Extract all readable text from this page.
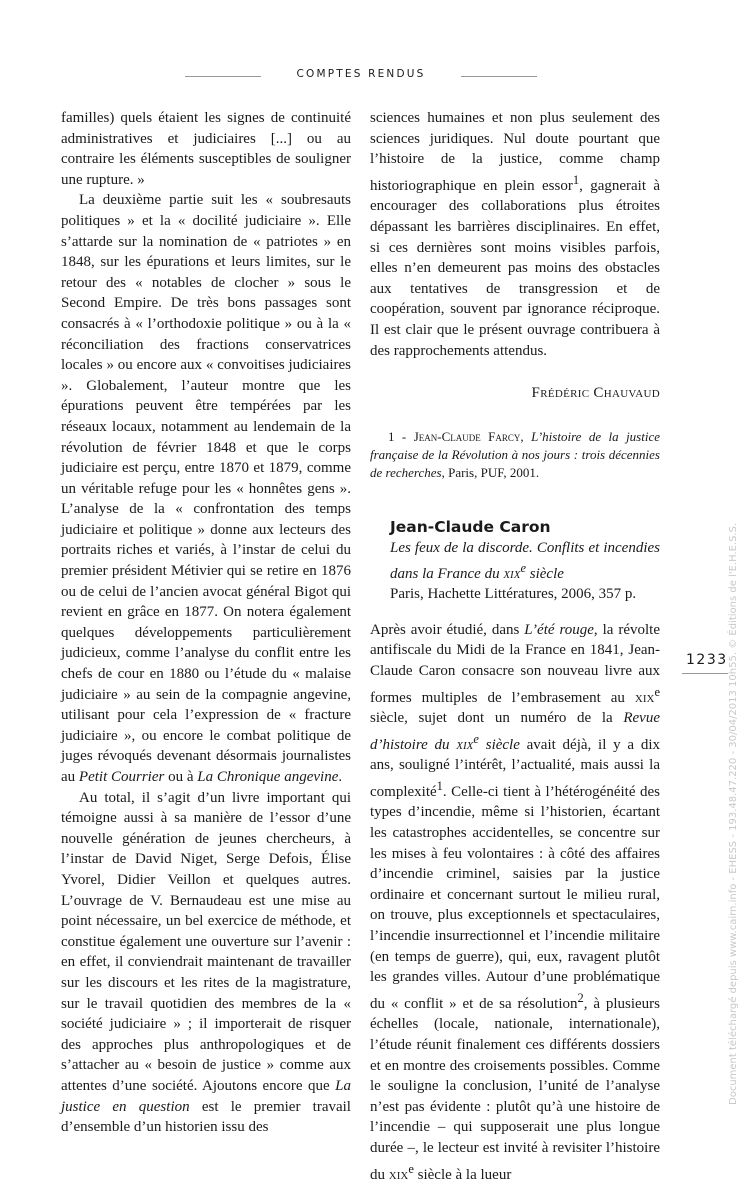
COMPTES RENDUS

familles) quels étaient les signes de continuité administratives et judiciaires [...] ou au contraire les éléments susceptibles de souligner une rupture. »

La deuxième partie suit les « soubresauts politiques » et la « docilité judiciaire ». Elle s’attarde sur la nomination de « patriotes » en 1848, sur les épurations et leurs limites, sur le retour des « notables de clocher » sous le Second Empire. De très bons passages sont consacrés à « l’orthodoxie politique » ou à la « réconciliation des fractions conservatrices locales » ou encore aux « convoitises judiciaires ». Globalement, l’auteur montre que les épurations peuvent être tempérées par les réseaux locaux, notamment au lendemain de la révolution de février 1848 et que le corps judiciaire est perçu, entre 1870 et 1879, comme un véritable refuge pour les « honnêtes gens ». L’analyse de la « confrontation des temps judiciaire et politique » donne aux lecteurs des portraits riches et variés, à l’instar de celui du premier président Métivier qui se retire en 1876 ou de celui de l’ancien avocat général Bigot qui revient en grâce en 1877. On notera également quelques développements particulièrement judicieux, comme l’analyse du conflit entre les chefs de cour en 1880 ou l’étude du « malaise judiciaire » au sein de la compagnie angevine, utilisant pour cela l’expression de « fracture judiciaire », ou encore le combat politique de juges révoqués devenant désormais journalistes au Petit Courrier ou à La Chronique angevine.

Au total, il s’agit d’un livre important qui témoigne aussi à sa manière de l’essor d’une nouvelle génération de jeunes chercheurs, à l’instar de David Niget, Serge Defois, Élise Yvorel, Didier Veillon et quelques autres. L’ouvrage de V. Bernaudeau est une mise au point nécessaire, un bel exercice de méthode, et constitue également une ouverture sur l’avenir : en effet, il conviendrait maintenant de travailler sur les discours et les rites de la magistrature, sur le travail quotidien des membres de la « société judiciaire » ; il importerait de risquer des approches plus anthropologiques et de s’attacher au « besoin de justice » comme aux attentes d’une société. Ajoutons encore que La justice en question est le premier travail d’ensemble d’un historien issu des

sciences humaines et non plus seulement des sciences juridiques. Nul doute pourtant que l’histoire de la justice, comme champ historiographique en plein essor$^1$, gagnerait à encourager des collaborations plus étroites dépassant les barrières disciplinaires. En effet, si ces dernières sont moins visibles parfois, elles n’en demeurent pas moins des obstacles aux tentatives de transgression et de coopération, souvent par ignorance réciproque. Il est clair que le présent ouvrage contribuera à des rapprochements attendus.

Frédéric Chauvaud

1 - Jean-Claude Farcy, L’histoire de la justice française de la Révolution à nos jours : trois décennies de recherches, Paris, PUF, 2001.

Jean-Claude Caron

Les feux de la discorde. Conflits et incendies dans la France du xix$^e$ siècle

Paris, Hachette Littératures, 2006, 357 p.

Après avoir étudié, dans L’été rouge, la révolte antifiscale du Midi de la France en 1841, Jean-Claude Caron consacre son nouveau livre aux formes multiples de l’embrasement au xix$^e$ siècle, sujet dont un numéro de la Revue d’histoire du xix$^e$ siècle avait déjà, il y a dix ans, souligné l’intérêt, l’actualité, mais aussi la complexité$^1$. Celle-ci tient à l’hétérogénéité des types d’incendie, même si l’historien, écartant les catastrophes accidentelles, se concentre sur les mises à feu volontaires : à côté des affaires d’incendie criminel, saisies par la justice ordinaire et concernant surtout le milieu rural, on trouve, plus exceptionnels et spectaculaires, l’incendie insurrectionnel et l’incendie militaire (en temps de guerre), qui, eux, ravagent plutôt les grandes villes. Autour d’une problématique du « conflit » et de sa résolution$^2$, à plusieurs échelles (locale, nationale, internationale), l’étude réunit finalement ces différents dossiers et en montre des croisements possibles. Comme le souligne la conclusion, l’unité de l’analyse n’est pas évidente : plutôt qu’à une histoire de l’incendie – qui supposerait une plus longue durée –, le lecteur est invité à revisiter l’histoire du xix$^e$ siècle à la lueur

1233 Document téléchargé depuis www.cairn.info - EHESS - 193.48.47.220 - 30/04/2013 10h55. © Éditions de l'E.H.E.S.S.
